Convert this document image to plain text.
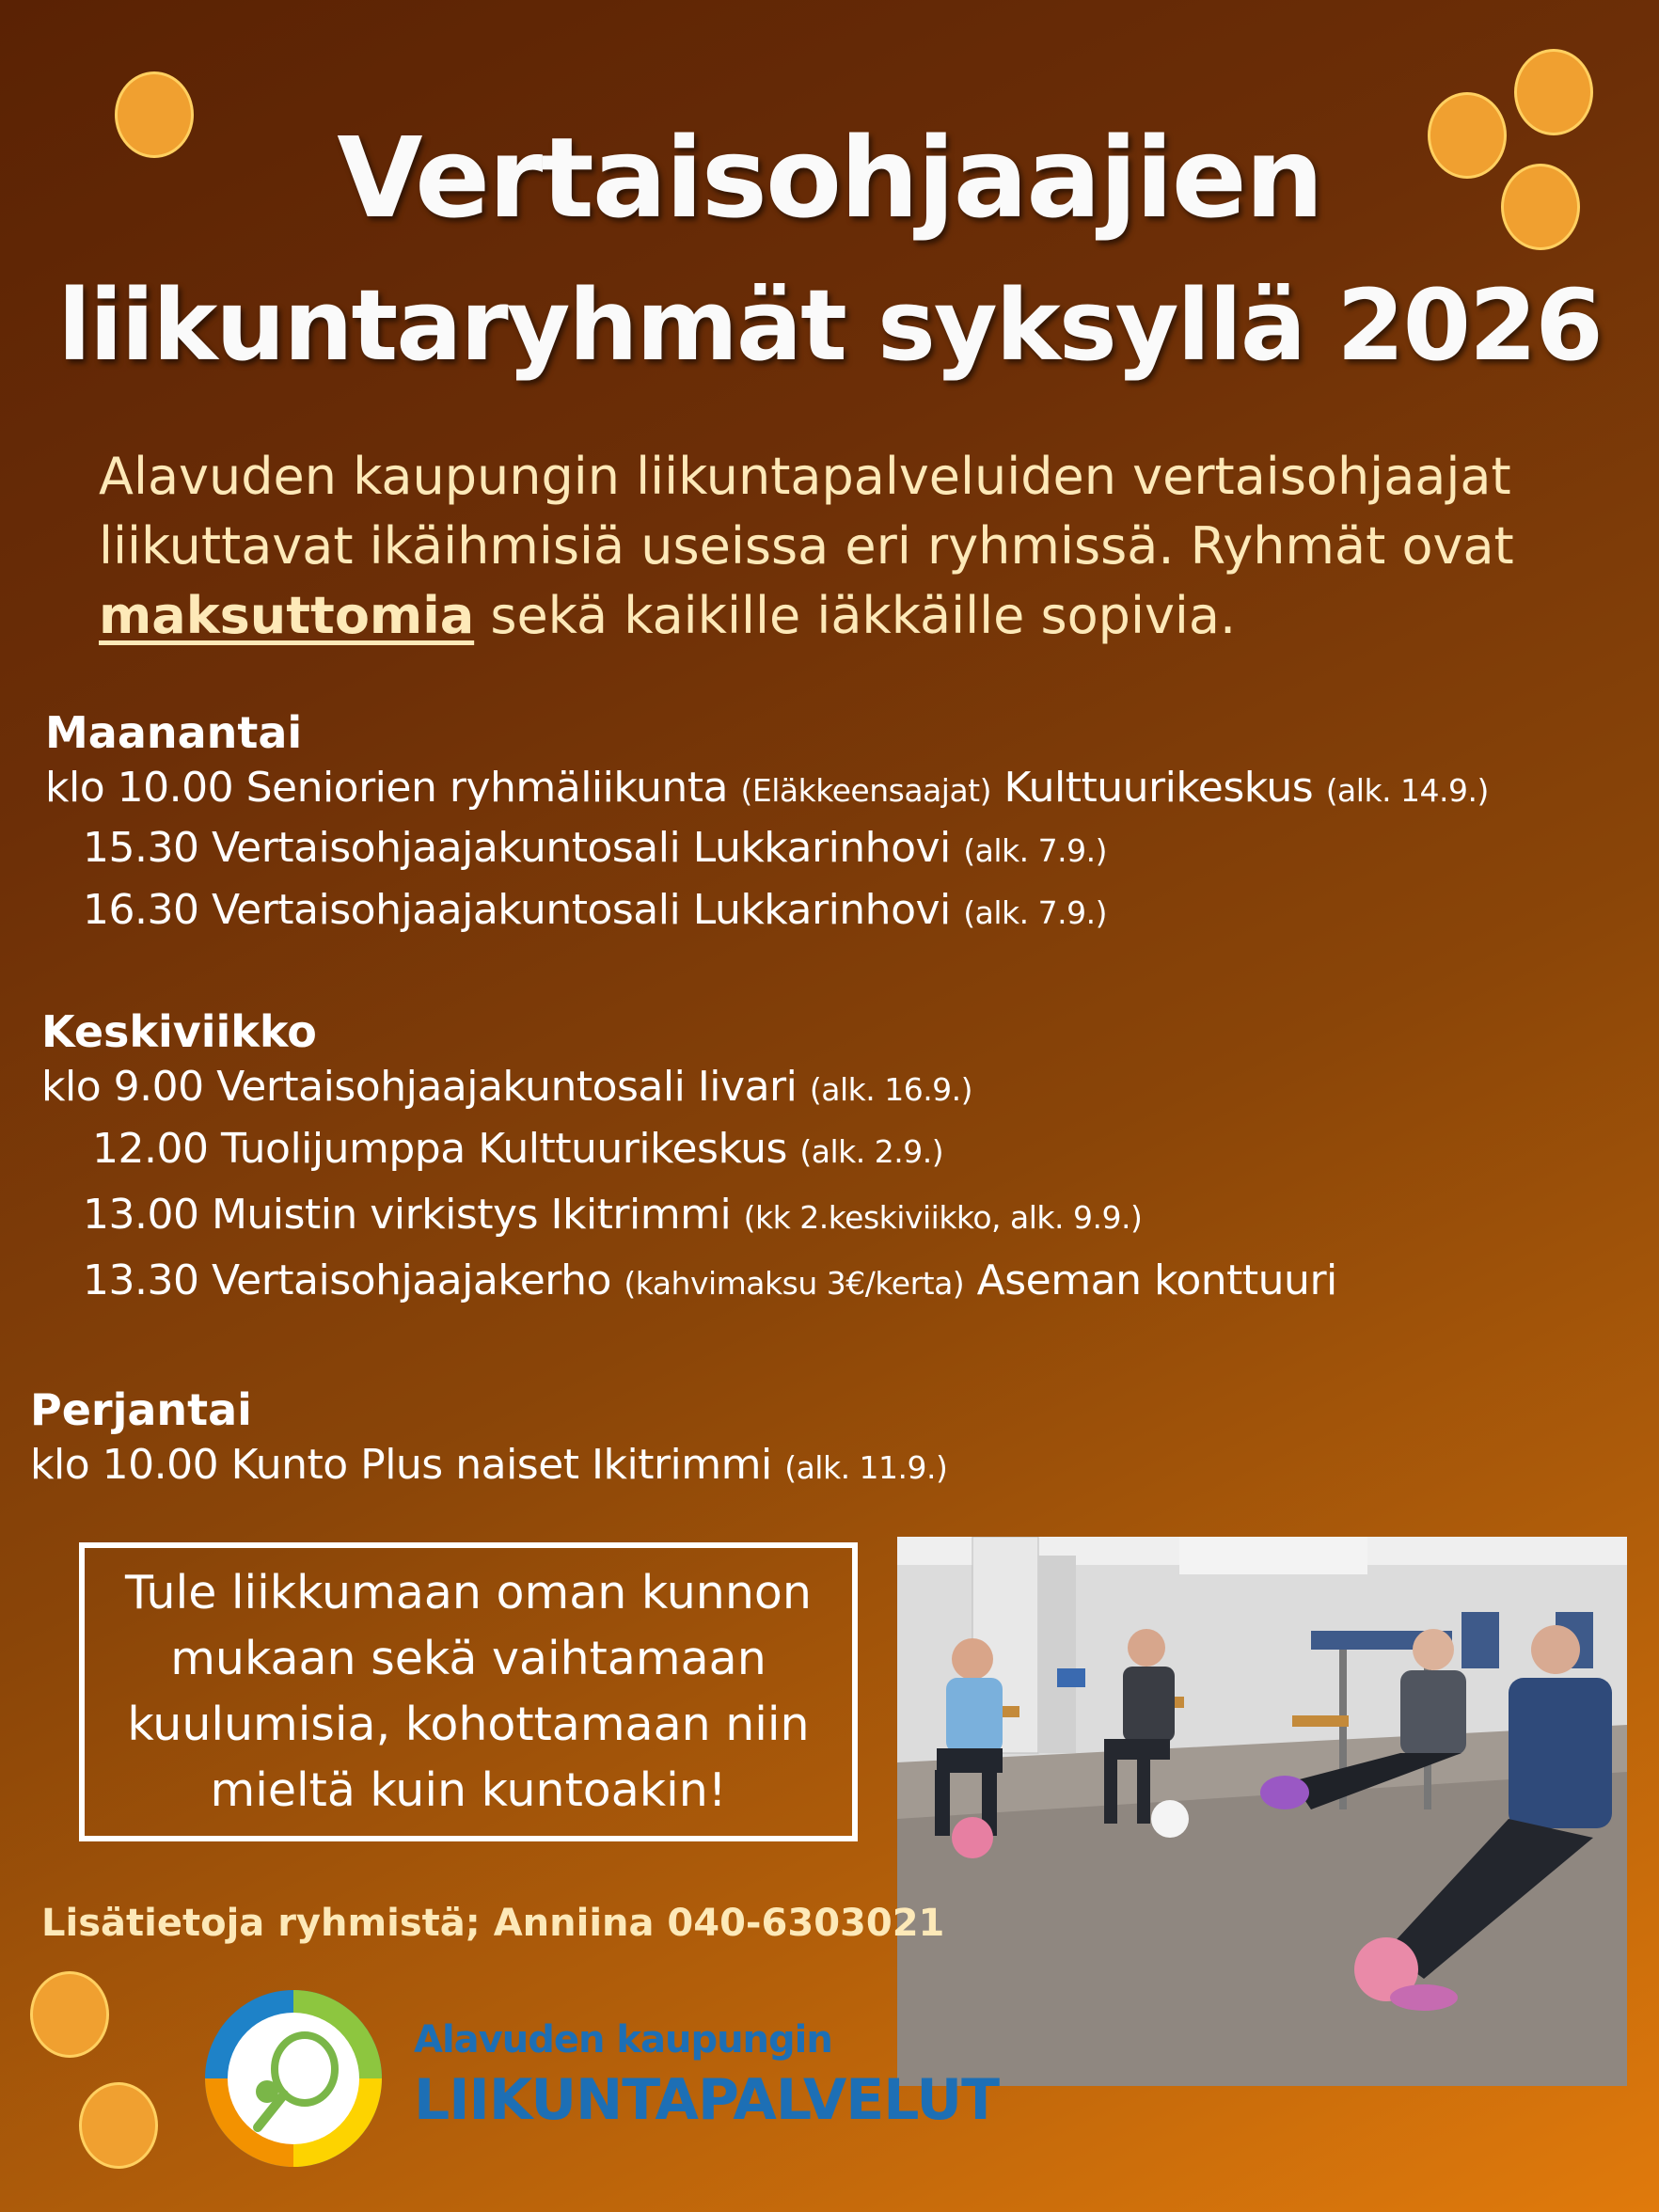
Vertaisohjaajien
liikuntaryhmät syksyllä 2026
Alavuden kaupungin liikuntapalveluiden vertaisohjaajat
liikuttavat ikäihmisiä useissa eri ryhmissä. Ryhmät ovat
maksuttomia sekä kaikille iäkkäille sopivia.
Maanantai
klo 10.00 Seniorien ryhmäliikunta (Eläkkeensaajat) Kulttuurikeskus (alk. 14.9.)
15.30 Vertaisohjaajakuntosali Lukkarinhovi (alk. 7.9.)
16.30 Vertaisohjaajakuntosali Lukkarinhovi (alk. 7.9.)
Keskiviikko
klo 9.00 Vertaisohjaajakuntosali Iivari (alk. 16.9.)
12.00 Tuolijumppa Kulttuurikeskus (alk. 2.9.)
13.00 Muistin virkistys Ikitrimmi (kk 2.keskiviikko, alk. 9.9.)
13.30 Vertaisohjaajakerho (kahvimaksu 3€/kerta) Aseman konttuuri
Perjantai
klo 10.00 Kunto Plus naiset Ikitrimmi (alk. 11.9.)
Tule liikkumaan oman kunnon
mukaan sekä vaihtamaan
kuulumisia, kohottamaan niin
mieltä kuin kuntoakin!
Lisätietoja ryhmistä; Anniina 040-6303021
Alavuden kaupungin
LIIKUNTAPALVELUT
